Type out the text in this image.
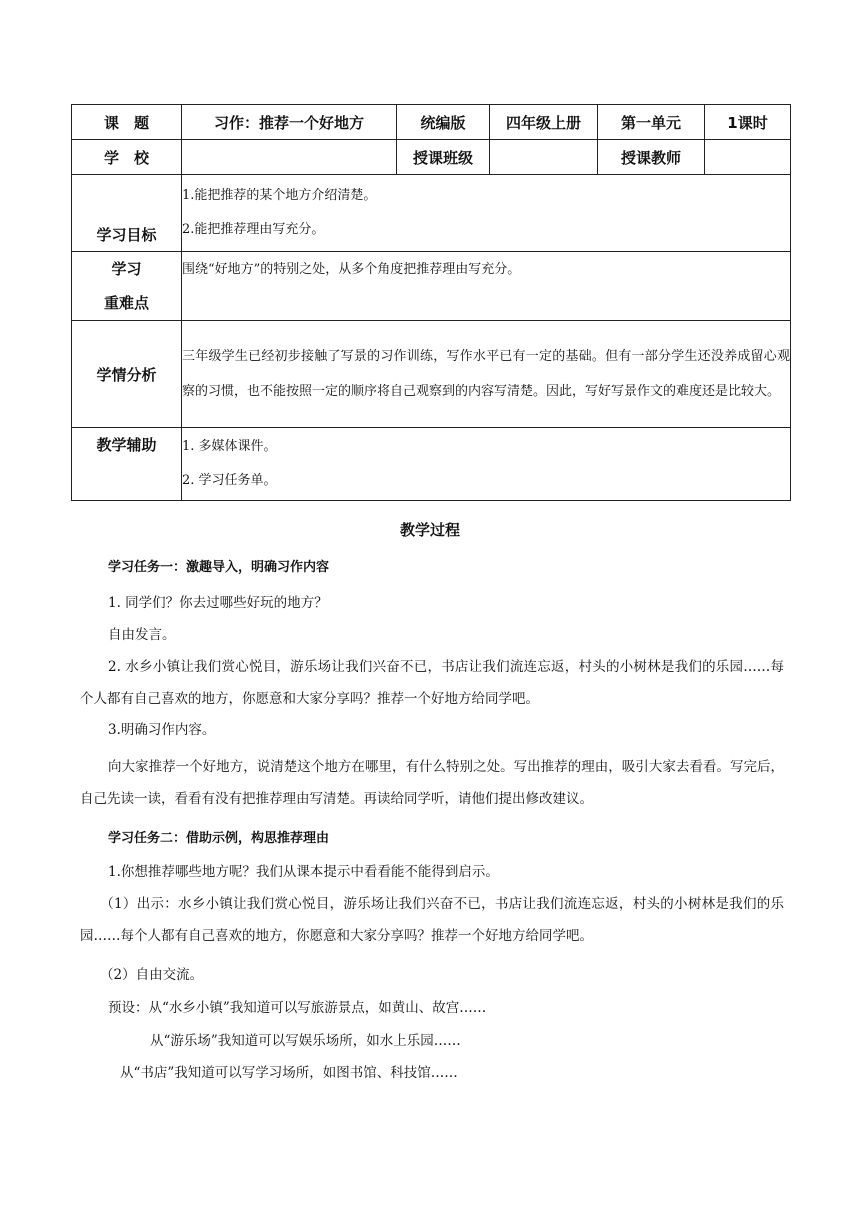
课　题	习作：推荐一个好地方	统编版	四年级上册	第一单元	1课时
学　校		授课班级		授课教师	
学习目标	1.能把推荐的某个地方介绍清楚。
2.能把推荐理由写充分。				

学习
重难点	围绕“好地方”的特别之处，从多个角度把推荐理由写充分。				
学情分析	三年级学生已经初步接触了写景的习作训练，写作水平已有一定的基础。但有一部分学生还没养成留心观察的习惯，也不能按照一定的顺序将自己观察到的内容写清楚。因此，写好写景作文的难度还是比较大。				
教学辅助	1. 多媒体课件。
2. 学习任务单。				
教学过程
学习任务一：激趣导入，明确习作内容
1. 同学们？你去过哪些好玩的地方？
自由发言。
2. 水乡小镇让我们赏心悦目，游乐场让我们兴奋不已，书店让我们流连忘返，村头的小树林是我们的乐园……每个人都有自己喜欢的地方，你愿意和大家分享吗？推荐一个好地方给同学吧。
3.明确习作内容。
向大家推荐一个好地方，说清楚这个地方在哪里，有什么特别之处。写出推荐的理由，吸引大家去看看。写完后，自己先读一读，看看有没有把推荐理由写清楚。再读给同学听，请他们提出修改建议。
学习任务二：借助示例，构思推荐理由
1.你想推荐哪些地方呢？我们从课本提示中看看能不能得到启示。
（1）出示：水乡小镇让我们赏心悦目，游乐场让我们兴奋不已，书店让我们流连忘返，村头的小树林是我们的乐园……每个人都有自己喜欢的地方，你愿意和大家分享吗？推荐一个好地方给同学吧。
（2）自由交流。
预设：从“水乡小镇”我知道可以写旅游景点，如黄山、故宫……
从“游乐场”我知道可以写娱乐场所，如水上乐园……
从“书店”我知道可以写学习场所，如图书馆、科技馆……
